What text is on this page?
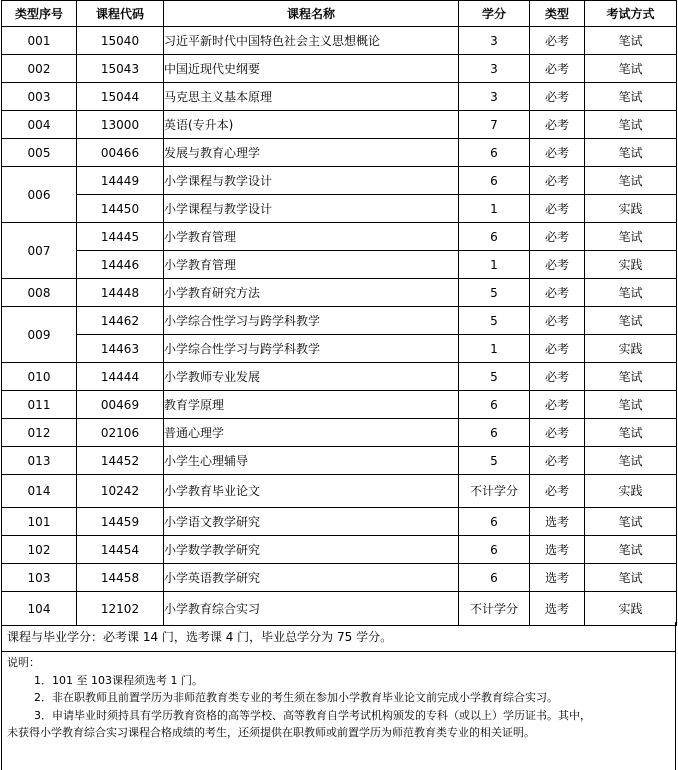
类型序号	课程代码	课程名称	学分	类型	考试方式
001	15040	习近平新时代中国特色社会主义思想概论	3	必考	笔试
002	15043	中国近现代史纲要	3	必考	笔试
003	15044	马克思主义基本原理	3	必考	笔试
004	13000	英语(专升本)	7	必考	笔试
005	00466	发展与教育心理学	6	必考	笔试
006	14449	小学课程与教学设计	6	必考	笔试
	14450	小学课程与教学设计	1	必考	实践
007	14445	小学教育管理	6	必考	笔试
	14446	小学教育管理	1	必考	实践
008	14448	小学教育研究方法	5	必考	笔试
009	14462	小学综合性学习与跨学科教学	5	必考	笔试
	14463	小学综合性学习与跨学科教学	1	必考	实践
010	14444	小学教师专业发展	5	必考	笔试
011	00469	教育学原理	6	必考	笔试
012	02106	普通心理学	6	必考	笔试
013	14452	小学生心理辅导	5	必考	笔试
014	10242	小学教育毕业论文	不计学分	必考	实践
101	14459	小学语文教学研究	6	选考	笔试
102	14454	小学数学教学研究	6	选考	笔试
103	14458	小学英语教学研究	6	选考	笔试
104	12102	小学教育综合实习	不计学分	选考	实践
课程与毕业学分：必考课 14 门，选考课 4 门，毕业总学分为 75 学分。
说明：
1．101 至 103课程须选考 1 门。
2．非在职教师且前置学历为非师范教育类专业的考生须在参加小学教育毕业论文前完成小学教育综合实习。
3．申请毕业时须持具有学历教育资格的高等学校、高等教育自学考试机构颁发的专科（或以上）学历证书。其中，
未获得小学教育综合实习课程合格成绩的考生，还须提供在职教师或前置学历为师范教育类专业的相关证明。
